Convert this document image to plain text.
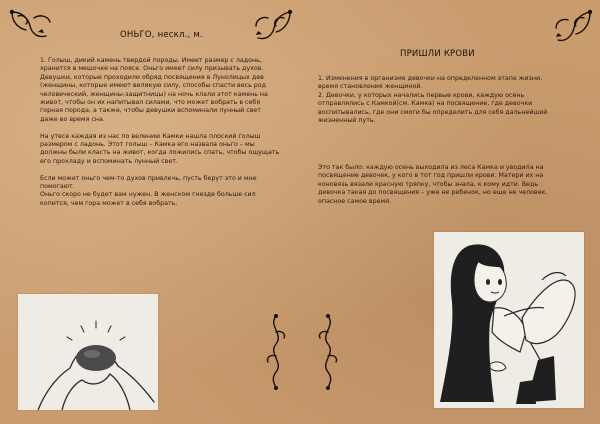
ОНЬГО, нескл., м.

1. Голыш, дикий камень твердой породы. Имеет размер с ладонь, хранится в мешочке на поясе. Оньго имеет силу призывать духов. Девушки, которые проходили обряд посвящения в Лунолицых дев (женщины, которые имеют великую силу, способы спасти весь род человеческий, женщины-защитницы) на ночь клали этот камень на живот, чтобы он их напитывал силами, что может вобрать в себя горная порода, а также, чтобы девушки вспоминали лунный свет даже во время сна.

На утесе каждая из нас по велению Камки нашла плоский голыш размером с ладонь. Этот голыш – Камка его назвала оньго – мы должны были класть на живот, когда ложились спать, чтобы ощущать его прохладу и вспоминать лунный свет.

Если может оньго чем-то духов привлечь, пусть берут это и мне помогают.

Оньго скоро не будет вам нужен. В женском гнезде больше сил копится, чем гора может в себя вобрать.

ПРИШЛИ КРОВИ

1. Изменения в организме девочки на определенном этапе жизни, время становления женщиной.

2. Девочки, у которых начались первые крови, каждую осень отправлялись с Камкой(см. Камка) на посвящение, где девочки воспитывались, где они смоги бы определить для себя дальнейший жизненный путь.

Это так было: каждую осень выходила из леса Камка и уводила на посвящение девочек, у кого в тот год пришли крови. Матери их на коновязь вязали красную тряпку, чтобы знала, к кому идти. Ведь девочка такая до посвящения – уже не ребенок, но еще не человек, опасное самое время.
